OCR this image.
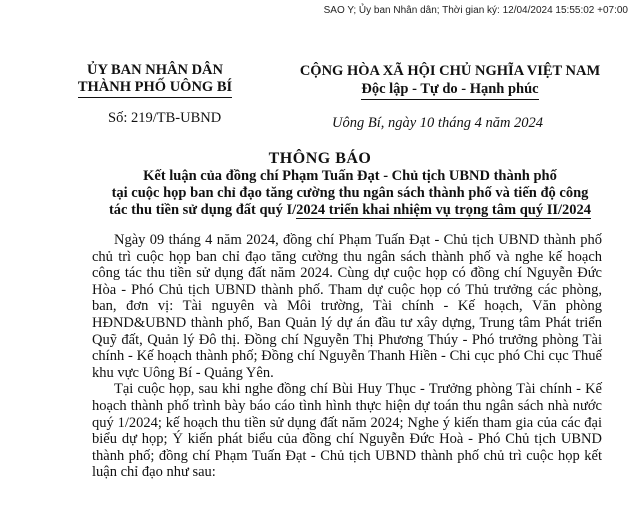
SAO Y; Ủy ban Nhân dân; Thời gian ký: 12/04/2024 15:55:02 +07:00
ỦY BAN NHÂN DÂN
THÀNH PHỐ UÔNG BÍ
CỘNG HÒA XÃ HỘI CHỦ NGHĨA VIỆT NAM
Độc lập - Tự do - Hạnh phúc
Số: 219/TB-UBND	Uông Bí, ngày 10 tháng 4 năm 2024
THÔNG BÁO
Kết luận của đồng chí Phạm Tuấn Đạt - Chủ tịch UBND thành phố
tại cuộc họp ban chỉ đạo tăng cường thu ngân sách thành phố và tiến độ công
tác thu tiền sử dụng đất quý I/2024 triển khai nhiệm vụ trọng tâm quý II/2024

Ngày 09 tháng 4 năm 2024, đồng chí Phạm Tuấn Đạt - Chủ tịch UBND thành phố chủ trì cuộc họp ban chỉ đạo tăng cường thu ngân sách thành phố và nghe kế hoạch công tác thu tiền sử dụng đất năm 2024. Cùng dự cuộc họp có đồng chí Nguyễn Đức Hòa - Phó Chủ tịch UBND thành phố. Tham dự cuộc họp có Thủ trưởng các phòng, ban, đơn vị: Tài nguyên và Môi trường, Tài chính - Kế hoạch, Văn phòng HĐND&UBND thành phố, Ban Quản lý dự án đầu tư xây dựng, Trung tâm Phát triển Quỹ đất, Quản lý Đô thị. Đồng chí Nguyễn Thị Phương Thúy - Phó trưởng phòng Tài chính - Kế hoạch thành phố; Đồng chí Nguyễn Thanh Hiền - Chi cục phó Chi cục Thuế khu vực Uông Bí - Quảng Yên.

Tại cuộc họp, sau khi nghe đồng chí Bùi Huy Thục - Trưởng phòng Tài chính - Kế hoạch thành phố trình bày báo cáo tình hình thực hiện dự toán thu ngân sách nhà nước quý 1/2024; kế hoạch thu tiền sử dụng đất năm 2024; Nghe ý kiến tham gia của các đại biểu dự họp; Ý kiến phát biểu của đồng chí Nguyễn Đức Hoà - Phó Chủ tịch UBND thành phố; đồng chí Phạm Tuấn Đạt - Chủ tịch UBND thành phố chủ trì cuộc họp kết luận chỉ đạo như sau:
